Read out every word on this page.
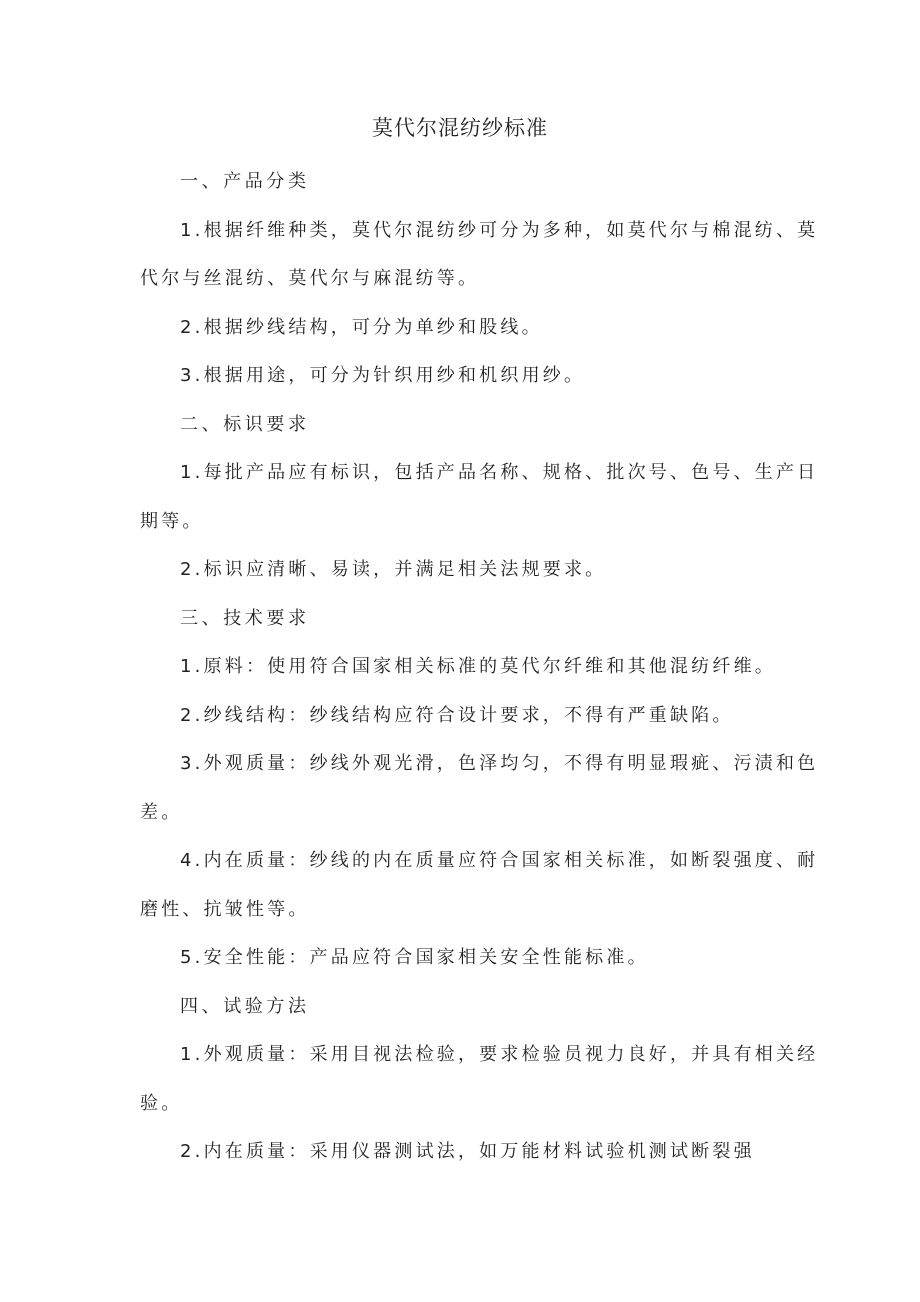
莫代尔混纺纱标准

一、产品分类

1.根据纤维种类，莫代尔混纺纱可分为多种，如莫代尔与棉混纺、莫

代尔与丝混纺、莫代尔与麻混纺等。

2.根据纱线结构，可分为单纱和股线。

3.根据用途，可分为针织用纱和机织用纱。

二、标识要求

1.每批产品应有标识，包括产品名称、规格、批次号、色号、生产日

期等。

2.标识应清晰、易读，并满足相关法规要求。

三、技术要求

1.原料：使用符合国家相关标准的莫代尔纤维和其他混纺纤维。

2.纱线结构：纱线结构应符合设计要求，不得有严重缺陷。

3.外观质量：纱线外观光滑，色泽均匀，不得有明显瑕疵、污渍和色

差。

4.内在质量：纱线的内在质量应符合国家相关标准，如断裂强度、耐

磨性、抗皱性等。

5.安全性能：产品应符合国家相关安全性能标准。

四、试验方法

1.外观质量：采用目视法检验，要求检验员视力良好，并具有相关经

验。

2.内在质量：采用仪器测试法，如万能材料试验机测试断裂强
